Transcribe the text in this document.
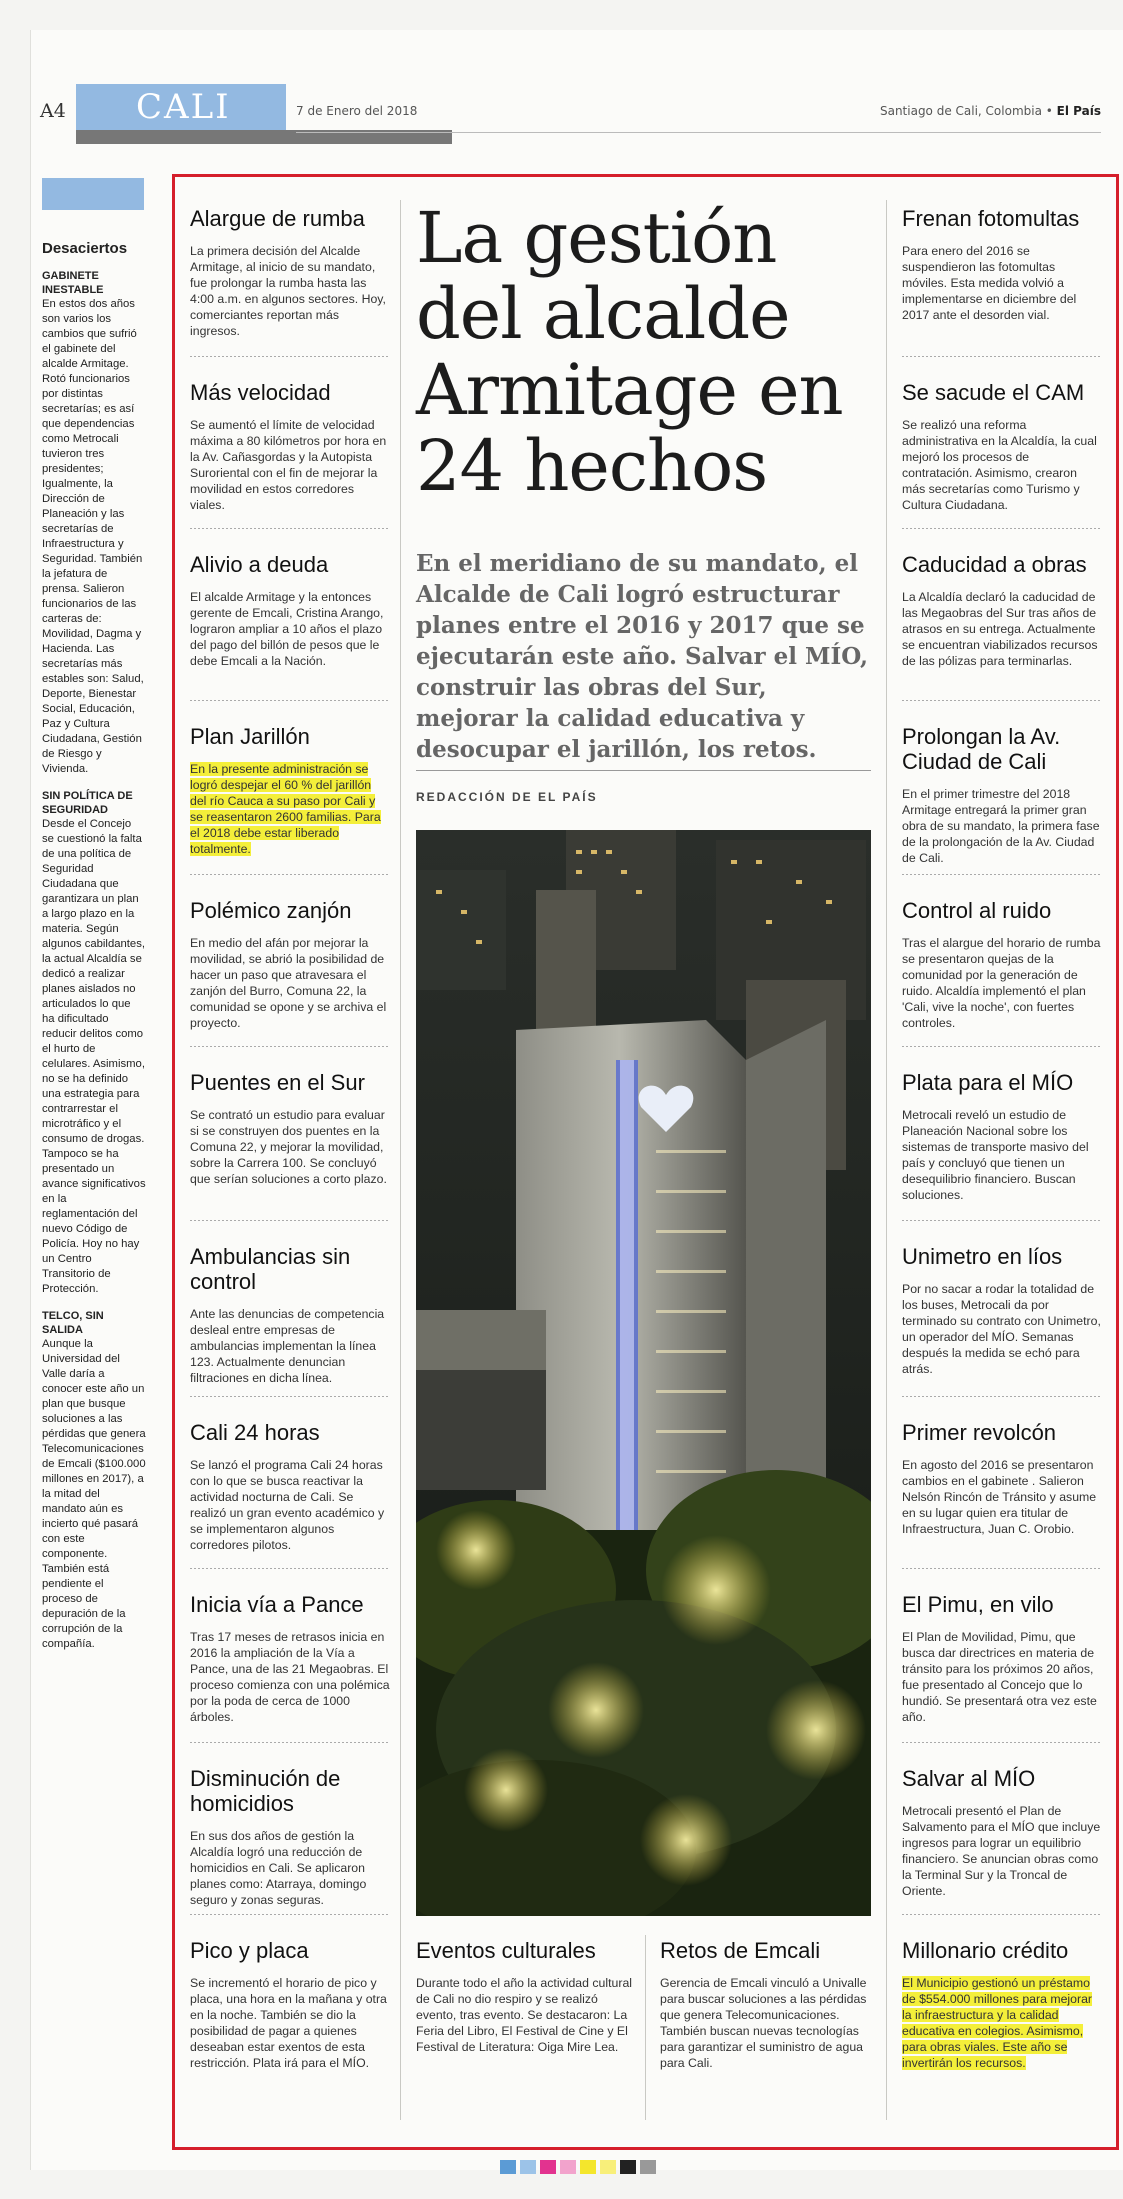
A4	CALI	7 de Enero del 2018	Santiago de Cali, Colombia • El País
Desaciertos
GABINETE INESTABLE
En estos dos años son varios los cambios que sufrió el gabinete del alcalde Armitage. Rotó funcionarios por distintas secretarías; es así que dependencias como Metrocali tuvieron tres presidentes; Igualmente, la Dirección de Planeación y las secretarías de Infraestructura y Seguridad. También la jefatura de prensa. Salieron funcionarios de las carteras de: Movilidad, Dagma y Hacienda. Las secretarías más estables son: Salud, Deporte, Bienestar Social, Educación, Paz y Cultura Ciudadana, Gestión de Riesgo y Vivienda.
SIN POLÍTICA DE SEGURIDAD
Desde el Concejo se cuestionó la falta de una política de Seguridad Ciudadana que garantizara un plan a largo plazo en la materia. Según algunos cabildantes, la actual Alcaldía se dedicó a realizar planes aislados no articulados lo que ha dificultado reducir delitos como el hurto de celulares. Asimismo, no se ha definido una estrategia para contrarrestar el microtráfico y el consumo de drogas. Tampoco se ha presentado un avance significativos en la reglamentación del nuevo Código de Policía. Hoy no hay un Centro Transitorio de Protección.
TELCO, SIN SALIDA
Aunque la Universidad del Valle daría a conocer este año un plan que busque soluciones a las pérdidas que genera Telecomunicaciones de Emcali ($100.000 millones en 2017), a la mitad del mandato aún es incierto qué pasará con este componente. También está pendiente el proceso de depuración de la corrupción de la compañía.
Alargue de rumba

La primera decisión del Alcalde Armitage, al inicio de su mandato, fue prolongar la rumba hasta las 4:00 a.m. en algunos sectores. Hoy, comerciantes reportan más ingresos.

Más velocidad

Se aumentó el límite de velocidad máxima a 80 kilómetros por hora en la Av. Cañasgordas y la Autopista Suroriental con el fin de mejorar la movilidad en estos corredores viales.

Alivio a deuda

El alcalde Armitage y la entonces gerente de Emcali, Cristina Arango, lograron ampliar a 10 años el plazo del pago del billón de pesos que le debe Emcali a la Nación.

Plan Jarillón

En la presente administración se logró despejar el 60 % del jarillón del río Cauca a su paso por Cali y se reasentaron 2600 familias. Para el 2018 debe estar liberado totalmente.

Polémico zanjón

En medio del afán por mejorar la movilidad, se abrió la posibilidad de hacer un paso que atravesara el zanjón del Burro, Comuna 22, la comunidad se opone y se archiva el proyecto.

Puentes en el Sur

Se contrató un estudio para evaluar si se construyen dos puentes en la Comuna 22, y mejorar la movilidad, sobre la Carrera 100. Se concluyó que serían soluciones a corto plazo.

Ambulancias sin control

Ante las denuncias de competencia desleal entre empresas de ambulancias implementan la línea 123. Actualmente denuncian filtraciones en dicha línea.

Cali 24 horas

Se lanzó el programa Cali 24 horas con lo que se busca reactivar la actividad nocturna de Cali. Se realizó un gran evento académico y se implementaron algunos corredores pilotos.

Inicia vía a Pance

Tras 17 meses de retrasos inicia en 2016 la ampliación de la Vía a Pance, una de las 21 Megaobras. El proceso comienza con una polémica por la poda de cerca de 1000 árboles.

Disminución de homicidios

En sus dos años de gestión la Alcaldía logró una reducción de homicidios en Cali. Se aplicaron planes como: Atarraya, domingo seguro y zonas seguras.

Pico y placa

Se incrementó el horario de pico y placa, una hora en la mañana y otra en la noche. También se dio la posibilidad de pagar a quienes deseaban estar exentos de esta restricción. Plata irá para el MÍO.

La gestión del alcalde Armitage en 24 hechos
En el meridiano de su mandato, el Alcalde de Cali logró estructurar planes entre el 2016 y 2017 que se ejecutarán este año. Salvar el MÍO, construir las obras del Sur, mejorar la calidad educativa y desocupar el jarillón, los retos.
REDACCIÓN DE EL PAÍS
Eventos culturales

Durante todo el año la actividad cultural de Cali no dio respiro y se realizó evento, tras evento. Se destacaron: La Feria del Libro, El Festival de Cine y El Festival de Literatura: Oiga Mire Lea.

Retos de Emcali

Gerencia de Emcali vinculó a Univalle para buscar soluciones a las pérdidas que genera Telecomunicaciones. También buscan nuevas tecnologías para garantizar el suministro de agua para Cali.

Frenan fotomultas

Para enero del 2016 se suspendieron las fotomultas móviles. Esta medida volvió a implementarse en diciembre del 2017 ante el desorden vial.

Se sacude el CAM

Se realizó una reforma administrativa en la Alcaldía, la cual mejoró los procesos de contratación. Asimismo, crearon más secretarías como Turismo y Cultura Ciudadana.

Caducidad a obras

La Alcaldía declaró la caducidad de las Megaobras del Sur tras años de atrasos en su entrega. Actualmente se encuentran viabilizados recursos de las pólizas para terminarlas.

Prolongan la Av. Ciudad de Cali

En el primer trimestre del 2018 Armitage entregará la primer gran obra de su mandato, la primera fase de la prolongación de la Av. Ciudad de Cali.

Control al ruido

Tras el alargue del horario de rumba se presentaron quejas de la comunidad por la generación de ruido. Alcaldía implementó el plan 'Cali, vive la noche', con fuertes controles.

Plata para el MÍO

Metrocali reveló un estudio de Planeación Nacional sobre los sistemas de transporte masivo del país y concluyó que tienen un desequilibrio financiero. Buscan soluciones.

Unimetro en líos

Por no sacar a rodar la totalidad de los buses, Metrocali da por terminado su contrato con Unimetro, un operador del MÍO. Semanas después la medida se echó para atrás.

Primer revolcón

En agosto del 2016 se presentaron cambios en el gabinete . Salieron Nelsón Rincón de Tránsito y asume en su lugar quien era titular de Infraestructura, Juan C. Orobio.

El Pimu, en vilo

El Plan de Movilidad, Pimu, que busca dar directrices en materia de tránsito para los próximos 20 años, fue presentado al Concejo que lo hundió. Se presentará otra vez este año.

Salvar al MÍO

Metrocali presentó el Plan de Salvamento para el MÍO que incluye ingresos para lograr un equilibrio financiero. Se anuncian obras como la Terminal Sur y la Troncal de Oriente.

Millonario crédito

El Municipio gestionó un préstamo de $554.000 millones para mejorar la infraestructura y la calidad educativa en colegios. Asimismo, para obras viales. Este año se invertirán los recursos.
